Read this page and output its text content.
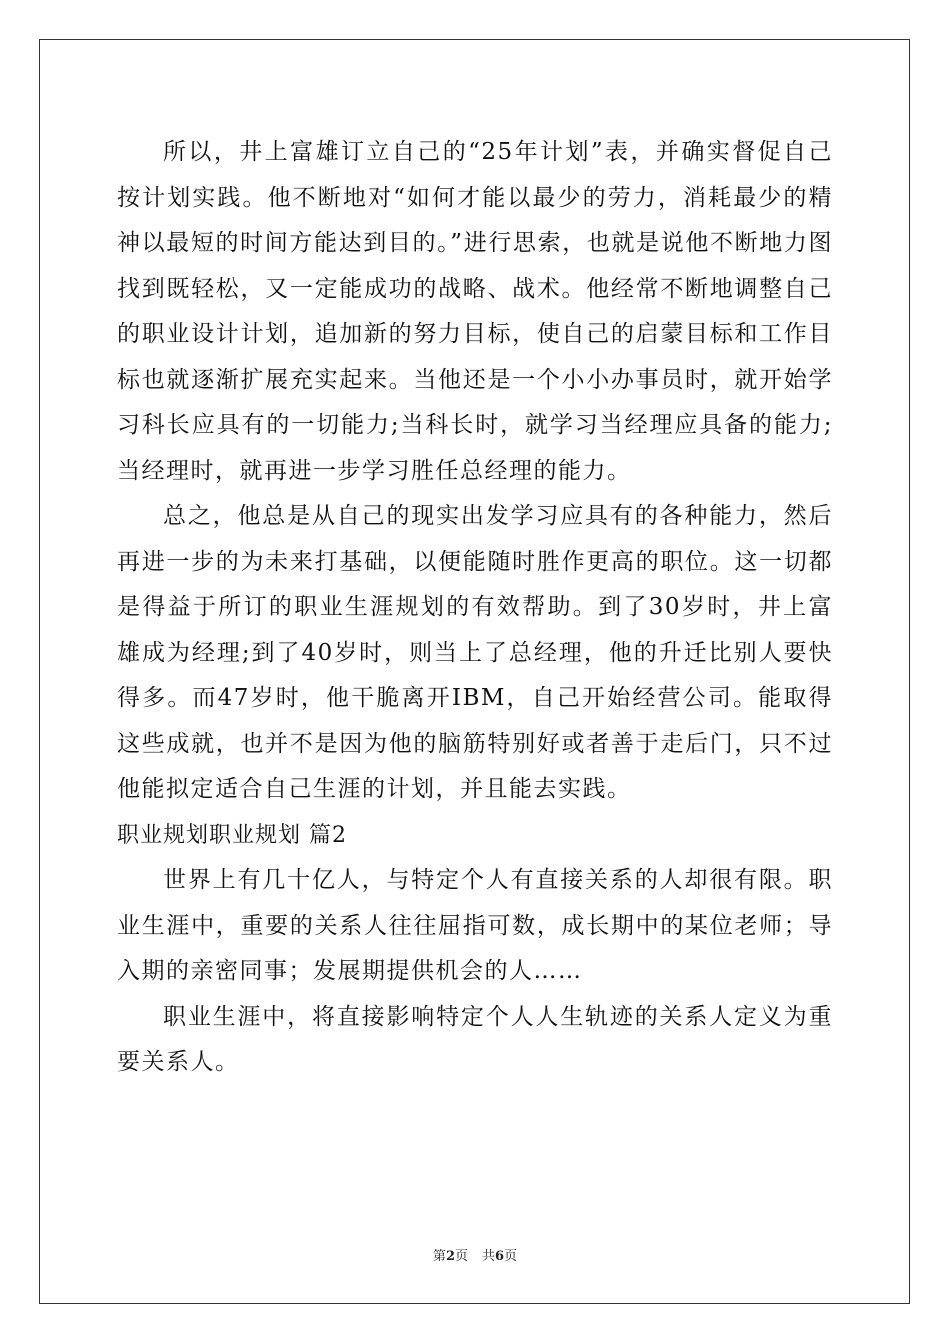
所以，井上富雄订立自己的“25年计划”表，并确实督促自己按计划实践。他不断地对“如何才能以最少的劳力，消耗最少的精神以最短的时间方能达到目的。”进行思索，也就是说他不断地力图找到既轻松，又一定能成功的战略、战术。他经常不断地调整自己的职业设计计划，追加新的努力目标，使自己的启蒙目标和工作目标也就逐渐扩展充实起来。当他还是一个小小办事员时，就开始学习科长应具有的一切能力;当科长时，就学习当经理应具备的能力;当经理时，就再进一步学习胜任总经理的能力。

总之，他总是从自己的现实出发学习应具有的各种能力，然后再进一步的为未来打基础，以便能随时胜作更高的职位。这一切都是得益于所订的职业生涯规划的有效帮助。到了30岁时，井上富雄成为经理;到了40岁时，则当上了总经理，他的升迁比别人要快得多。而47岁时，他干脆离开IBM，自己开始经营公司。能取得这些成就，也并不是因为他的脑筋特别好或者善于走后门，只不过他能拟定适合自己生涯的计划，并且能去实践。

职业规划职业规划 篇2

世界上有几十亿人，与特定个人有直接关系的人却很有限。职业生涯中，重要的关系人往往屈指可数，成长期中的某位老师；导入期的亲密同事；发展期提供机会的人……

职业生涯中，将直接影响特定个人人生轨迹的关系人定义为重要关系人。

第2页 共6页
